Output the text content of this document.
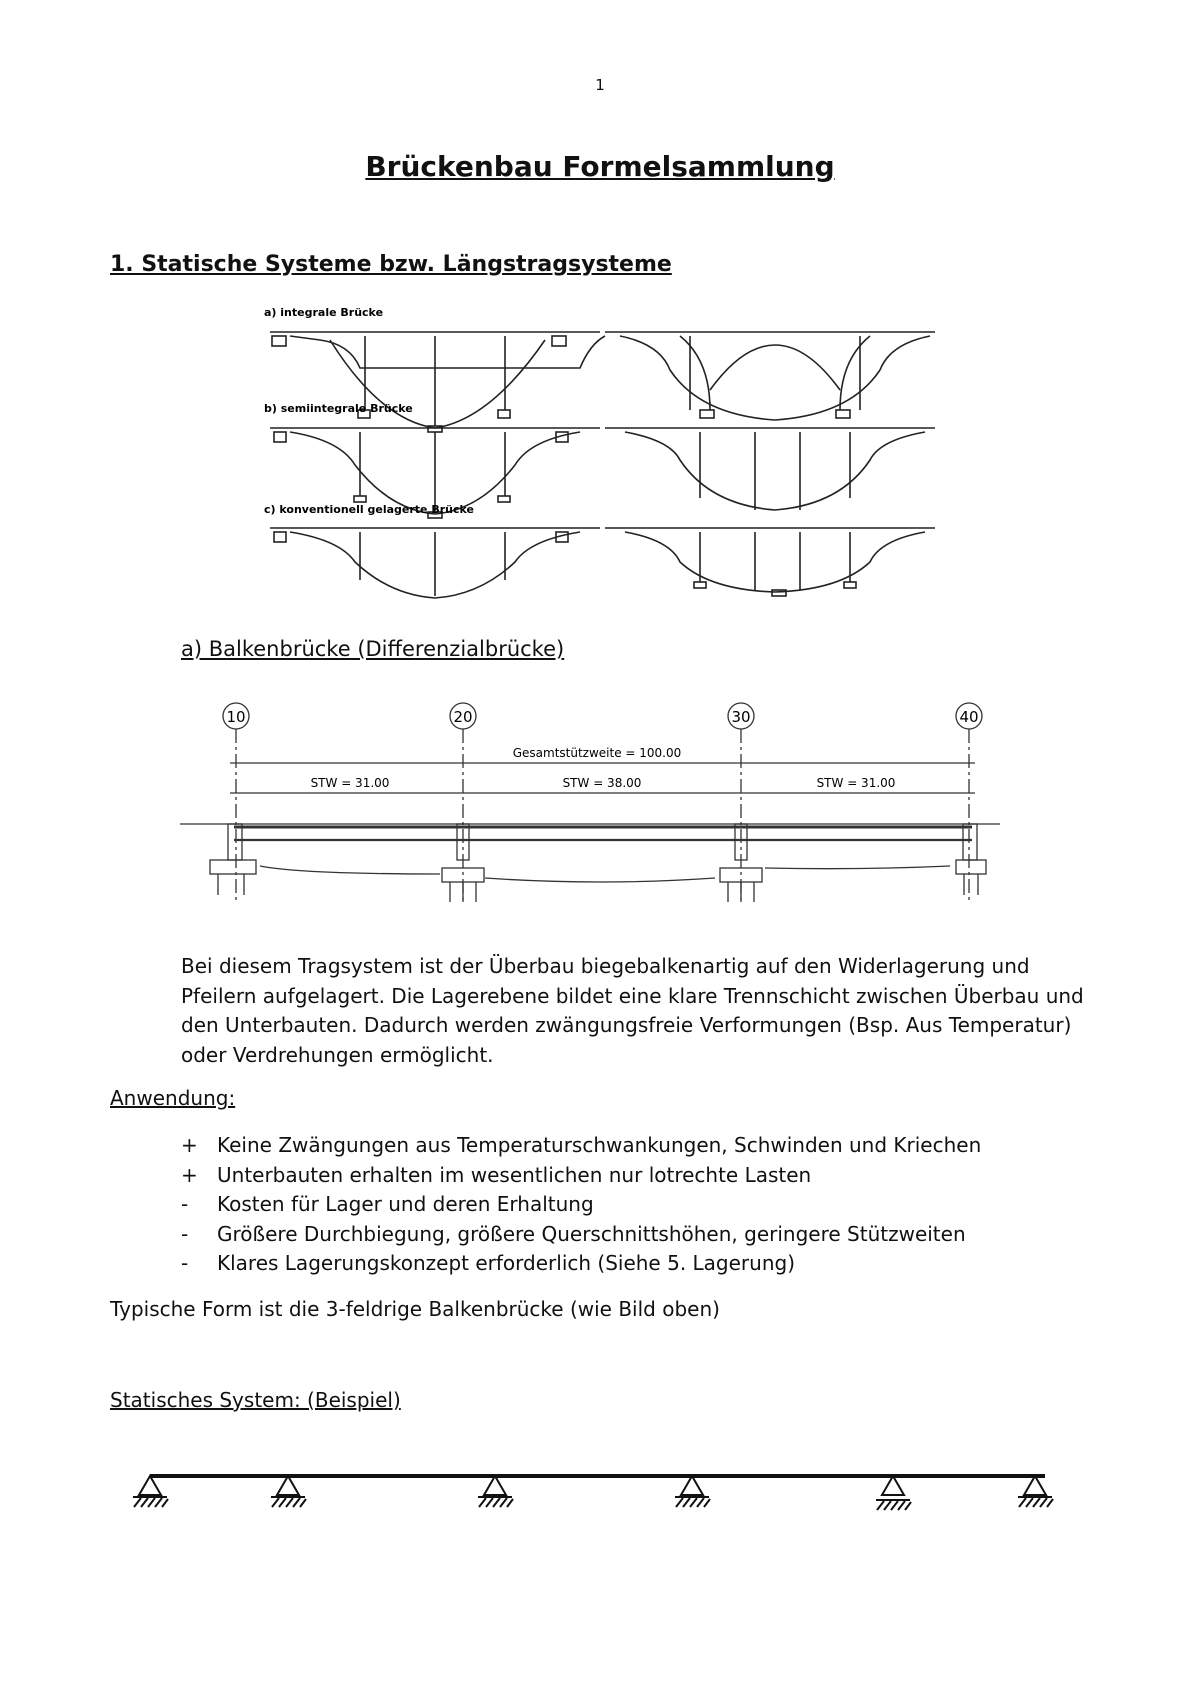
1
Brückenbau Formelsammlung
1. Statische Systeme bzw. Längstragsysteme
a) integrale Brücke
b) semiintegrale Brücke
c) konventionell gelagerte Brücke
a) Balkenbrücke (Differenzialbrücke)
10	20	30	40
Gesamtstützweite = 100.00
STW = 31.00	STW = 38.00	STW = 31.00
Bei diesem Tragsystem ist der Überbau biegebalkenartig auf den Widerlagerung und Pfeilern aufgelagert. Die Lagerebene bildet eine klare Trennschicht zwischen Überbau und den Unterbauten. Dadurch werden zwängungsfreie Verformungen (Bsp. Aus Temperatur) oder Verdrehungen ermöglicht.
Anwendung:
+ Keine Zwängungen aus Temperaturschwankungen, Schwinden und Kriechen
+ Unterbauten erhalten im wesentlichen nur lotrechte Lasten
- Kosten für Lager und deren Erhaltung
- Größere Durchbiegung, größere Querschnittshöhen, geringere Stützweiten
- Klares Lagerungskonzept erforderlich (Siehe 5. Lagerung)
Typische Form ist die 3-feldrige Balkenbrücke (wie Bild oben)
Statisches System: (Beispiel)
